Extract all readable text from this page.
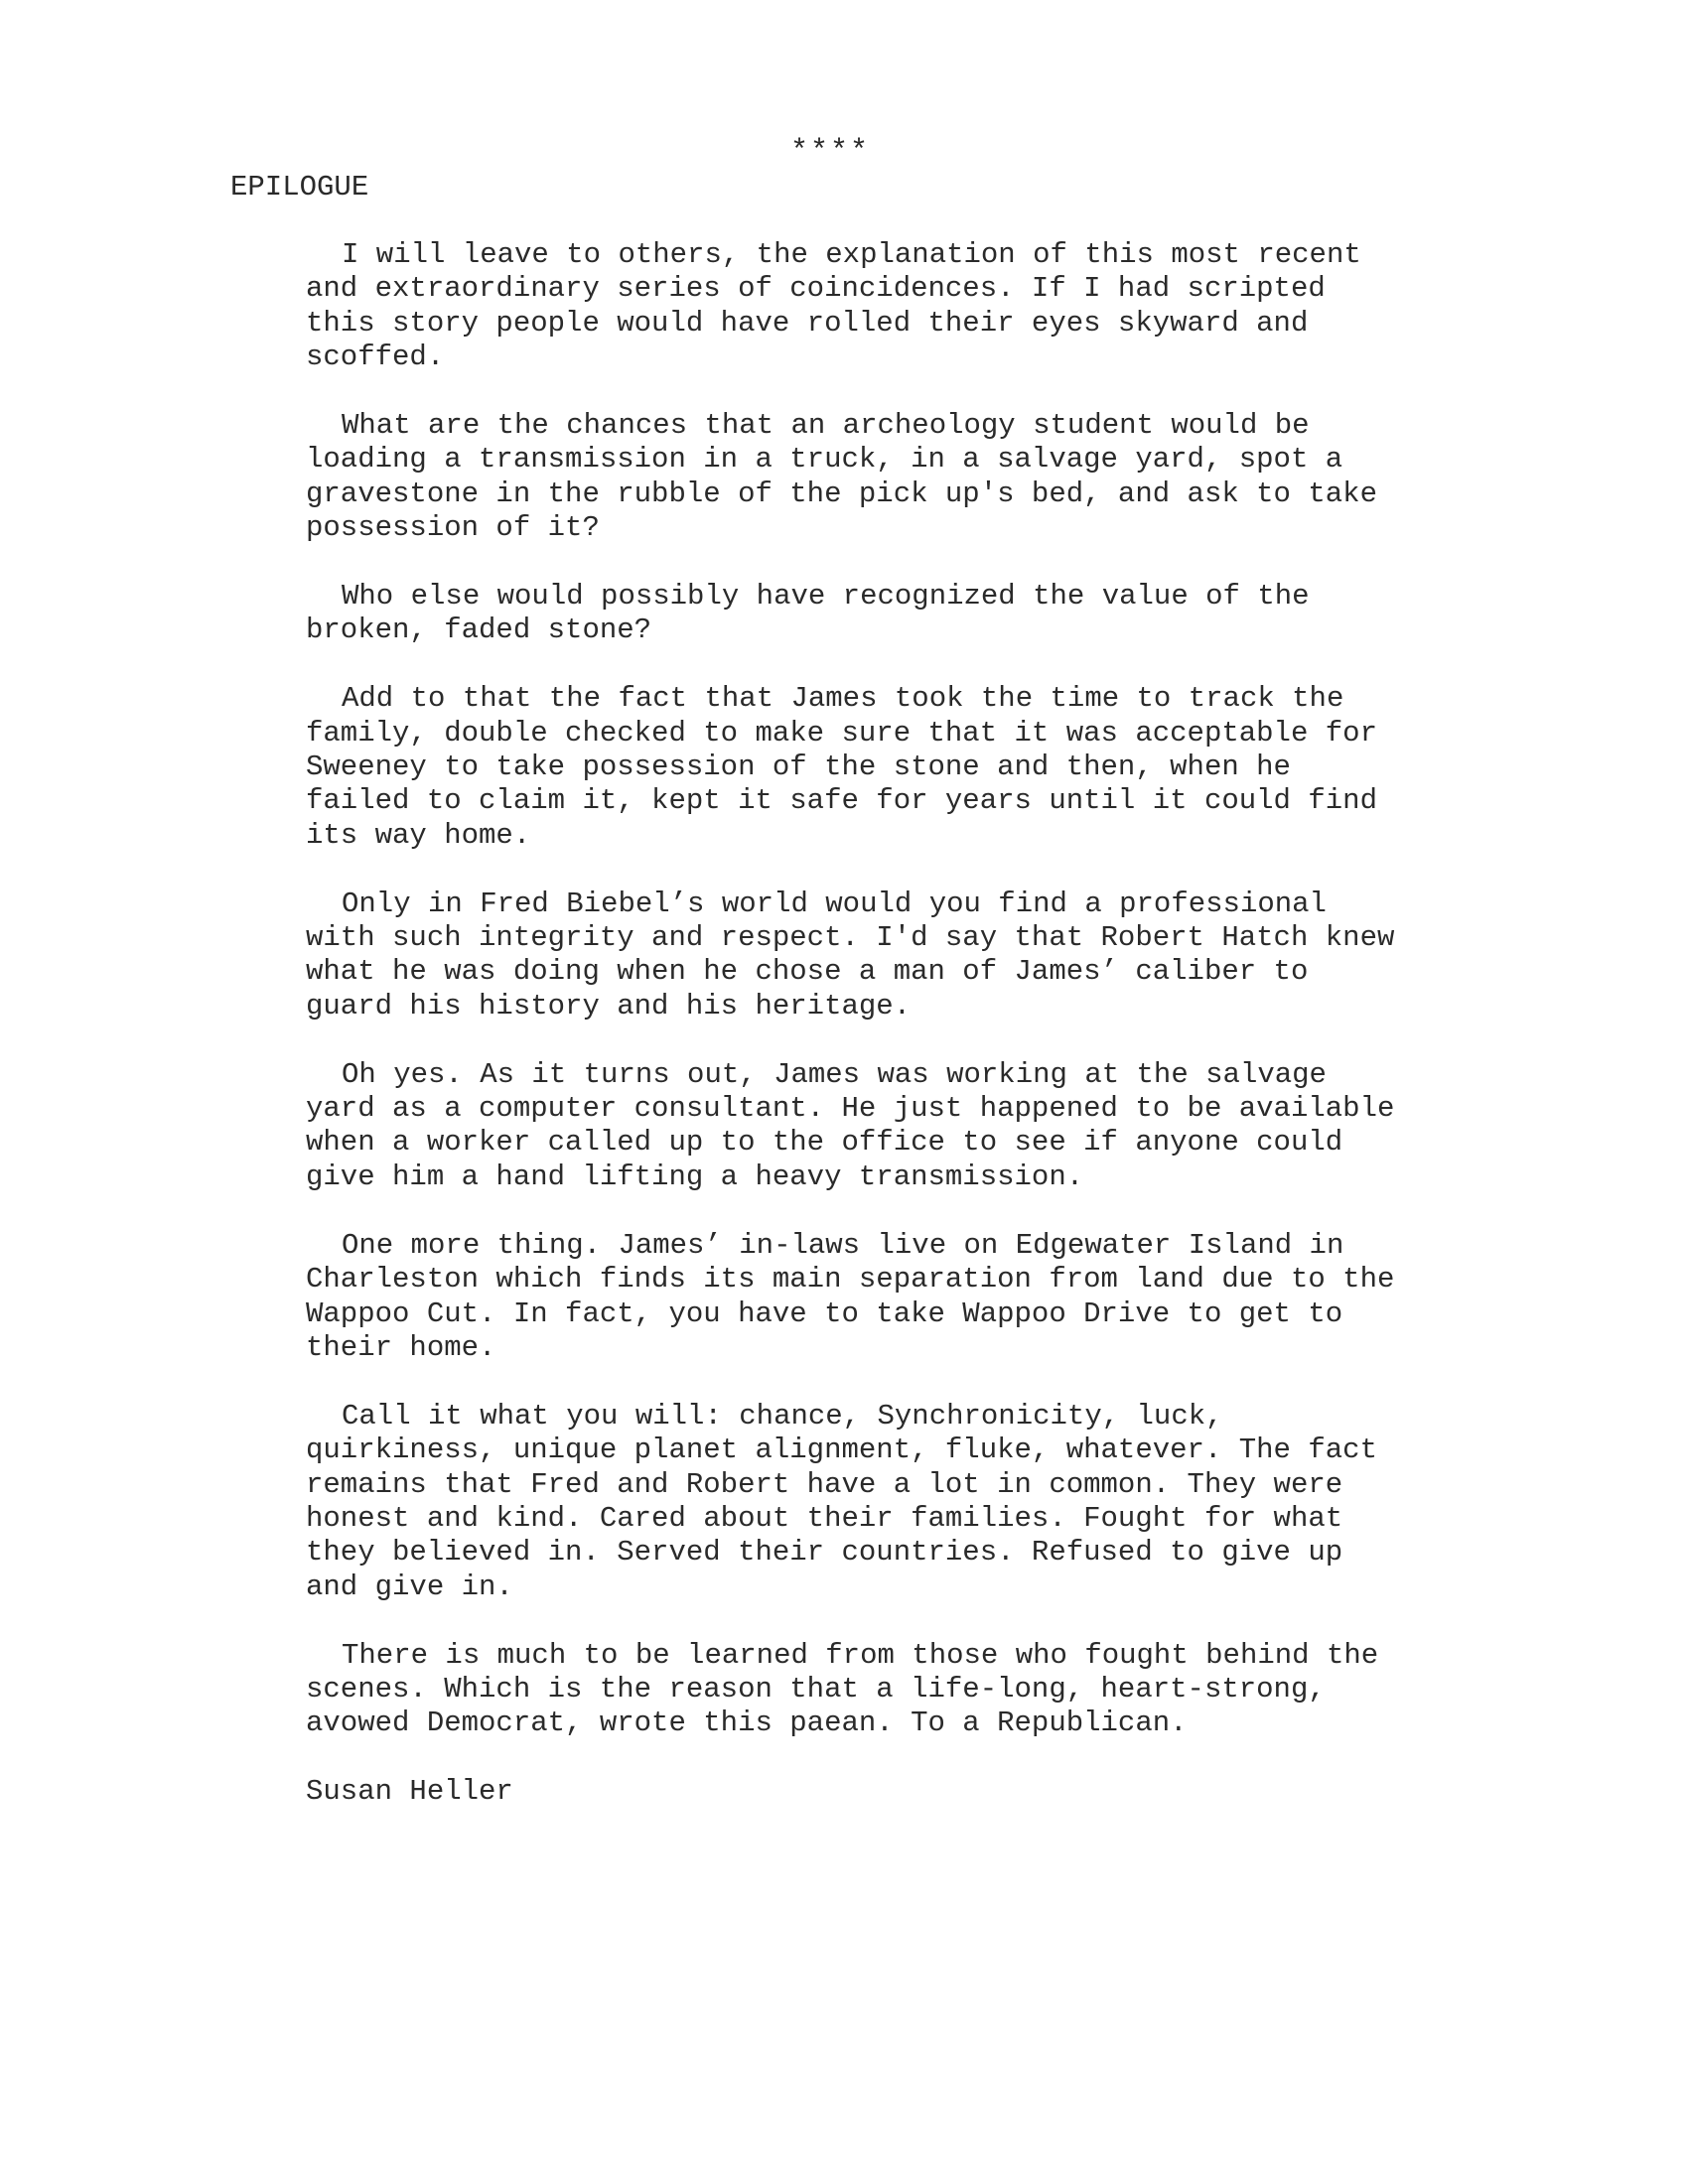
****
EPILOGUE

I will leave to others, the explanation of this most recent
and extraordinary series of coincidences. If I had scripted
this story people would have rolled their eyes skyward and
scoffed.

What are the chances that an archeology student would be
loading a transmission in a truck, in a salvage yard, spot a
gravestone in the rubble of the pick up's bed, and ask to take
possession of it?

Who else would possibly have recognized the value of the
broken, faded stone?

Add to that the fact that James took the time to track the
family, double checked to make sure that it was acceptable for
Sweeney to take possession of the stone and then, when he
failed to claim it, kept it safe for years until it could find
its way home.

Only in Fred Biebel’s world would you find a professional
with such integrity and respect. I'd say that Robert Hatch knew
what he was doing when he chose a man of James’ caliber to
guard his history and his heritage.

Oh yes. As it turns out, James was working at the salvage
yard as a computer consultant. He just happened to be available
when a worker called up to the office to see if anyone could
give him a hand lifting a heavy transmission.

One more thing. James’ in-laws live on Edgewater Island in
Charleston which finds its main separation from land due to the
Wappoo Cut. In fact, you have to take Wappoo Drive to get to
their home.

Call it what you will: chance, Synchronicity, luck,
quirkiness, unique planet alignment, fluke, whatever. The fact
remains that Fred and Robert have a lot in common. They were
honest and kind. Cared about their families. Fought for what
they believed in. Served their countries. Refused to give up
and give in.

There is much to be learned from those who fought behind the
scenes. Which is the reason that a life-long, heart-strong,
avowed Democrat, wrote this paean. To a Republican.

Susan Heller
